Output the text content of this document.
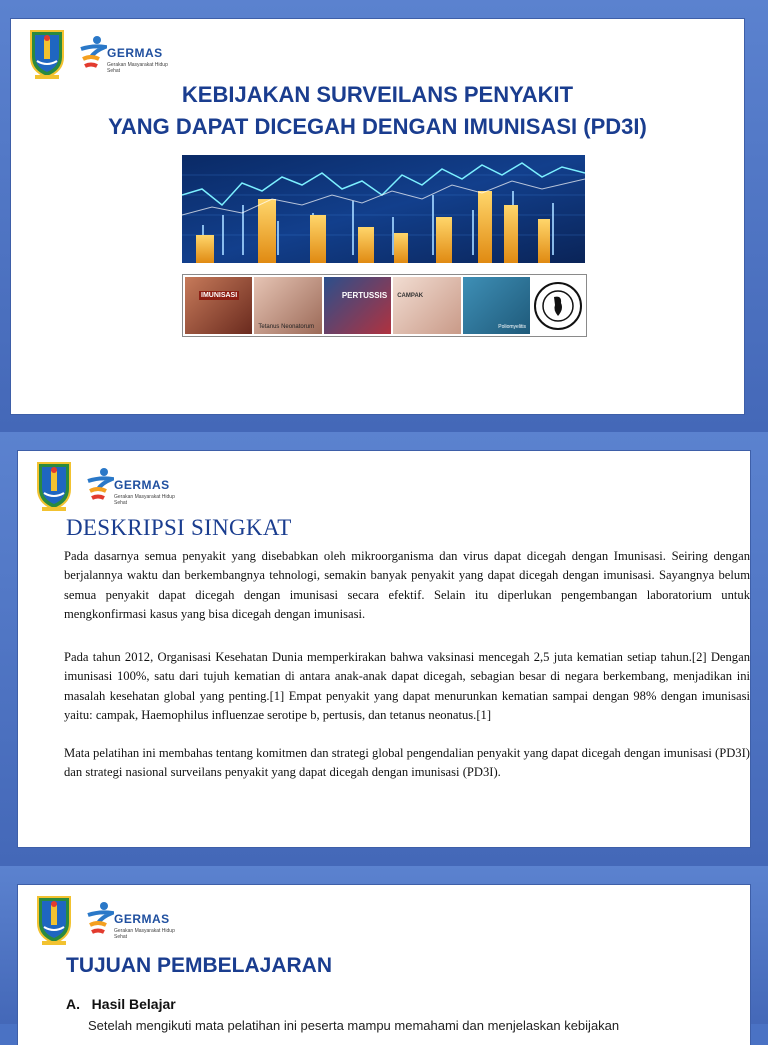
GERMAS
Gerakan Masyarakat Hidup Sehat
KEBIJAKAN SURVEILANS PENYAKIT
YANG DAPAT DICEGAH DENGAN IMUNISASI (PD3I)
IMUNISASI
Tetanus Neonatorum
PERTUSSIS CAMPAK
Poliomyelitis
GERMAS
Gerakan Masyarakat Hidup Sehat
DESKRIPSI SINGKAT

Pada dasarnya semua penyakit yang disebabkan oleh mikroorganisma dan virus dapat dicegah dengan Imunisasi. Seiring dengan berjalannya waktu dan berkembangnya tehnologi, semakin banyak penyakit yang dapat dicegah dengan imunisasi. Sayangnya belum semua penyakit dapat dicegah dengan imunisasi secara efektif. Selain itu diperlukan pengembangan laboratorium untuk mengkonfirmasi kasus yang bisa dicegah dengan imunisasi.

Pada tahun 2012, Organisasi Kesehatan Dunia memperkirakan bahwa vaksinasi mencegah 2,5 juta kematian setiap tahun.[2] Dengan imunisasi 100%, satu dari tujuh kematian di antara anak-anak dapat dicegah, sebagian besar di negara berkembang, menjadikan ini masalah kesehatan global yang penting.[1] Empat penyakit yang dapat menurunkan kematian sampai dengan 98% dengan imunisasi yaitu: campak, Haemophilus influenzae serotipe b, pertusis, dan tetanus neonatus.[1]

Mata pelatihan ini membahas tentang komitmen dan strategi global pengendalian penyakit yang dapat dicegah dengan imunisasi (PD3I) dan strategi nasional surveilans penyakit yang dapat dicegah dengan imunisasi (PD3I).

GERMAS
Gerakan Masyarakat Hidup Sehat
TUJUAN PEMBELAJARAN
A.   Hasil Belajar
Setelah mengikuti mata pelatihan ini peserta mampu memahami dan menjelaskan kebijakan
